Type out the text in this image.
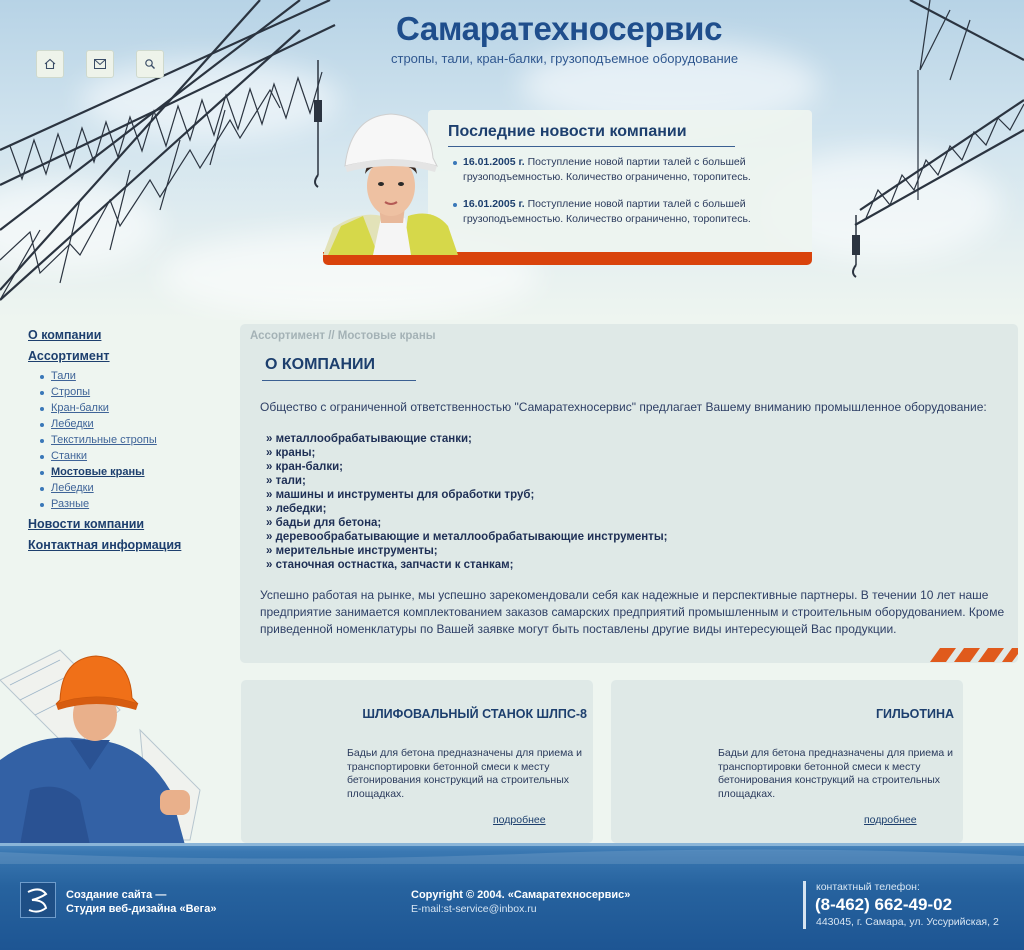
Самаратехносервис
стропы, тали, кран-балки, грузоподъемное оборудование
Последние новости компании
16.01.2005 г. Поступление новой партии талей с большей грузоподъемностью. Количество ограниченно, торопитесь.
16.01.2005 г. Поступление новой партии талей с большей грузоподъемностью. Количество ограниченно, торопитесь.
О компании
Ассортимент
Тали
Стропы
Кран-балки
Лебедки
Текстильные стропы
Станки
Мостовые краны
Лебедки
Разные
Новости компании
Контактная информация
Ассортимент // Мостовые краны
О КОМПАНИИ
Общество с ограниченной ответственностью "Самаратехносервис" предлагает Вашему вниманию промышленное оборудование:
» металлообрабатывающие станки;
» краны;
» кран-балки;
» тали;
» машины и инструменты для обработки труб;
» лебедки;
» бадьи для бетона;
» деревообрабатывающие и металлообрабатывающие инструменты;
» мерительные инструменты;
» станочная остнастка, запчасти к станкам;
Успешно работая на рынке, мы успешно зарекомендовали себя как надежные и перспективные партнеры. В течении 10 лет наше предприятие занимается комплектованием заказов самарских предприятий промышленным и строительным оборудованием. Кроме приведенной номенклатуры по Вашей заявке могут быть поставлены другие виды интересующей Вас продукции.
ШЛИФОВАЛЬНЫЙ СТАНОК ШЛПС-8
Бадьи для бетона предназначены для приема и транспортировки бетонной смеси к месту бетонирования конструкций на строительных площадках.
подробнее
ГИЛЬОТИНА
Бадьи для бетона предназначены для приема и транспортировки бетонной смеси к месту бетонирования конструкций на строительных площадках.
подробнее
Создание сайта —
Студия веб-дизайна «Вега»
Copyright © 2004. «Самаратехносервис»
E-mail:st-service@inbox.ru
контактный телефон:
(8-462) 662-49-02
443045, г. Самара, ул. Уссурийская, 2
